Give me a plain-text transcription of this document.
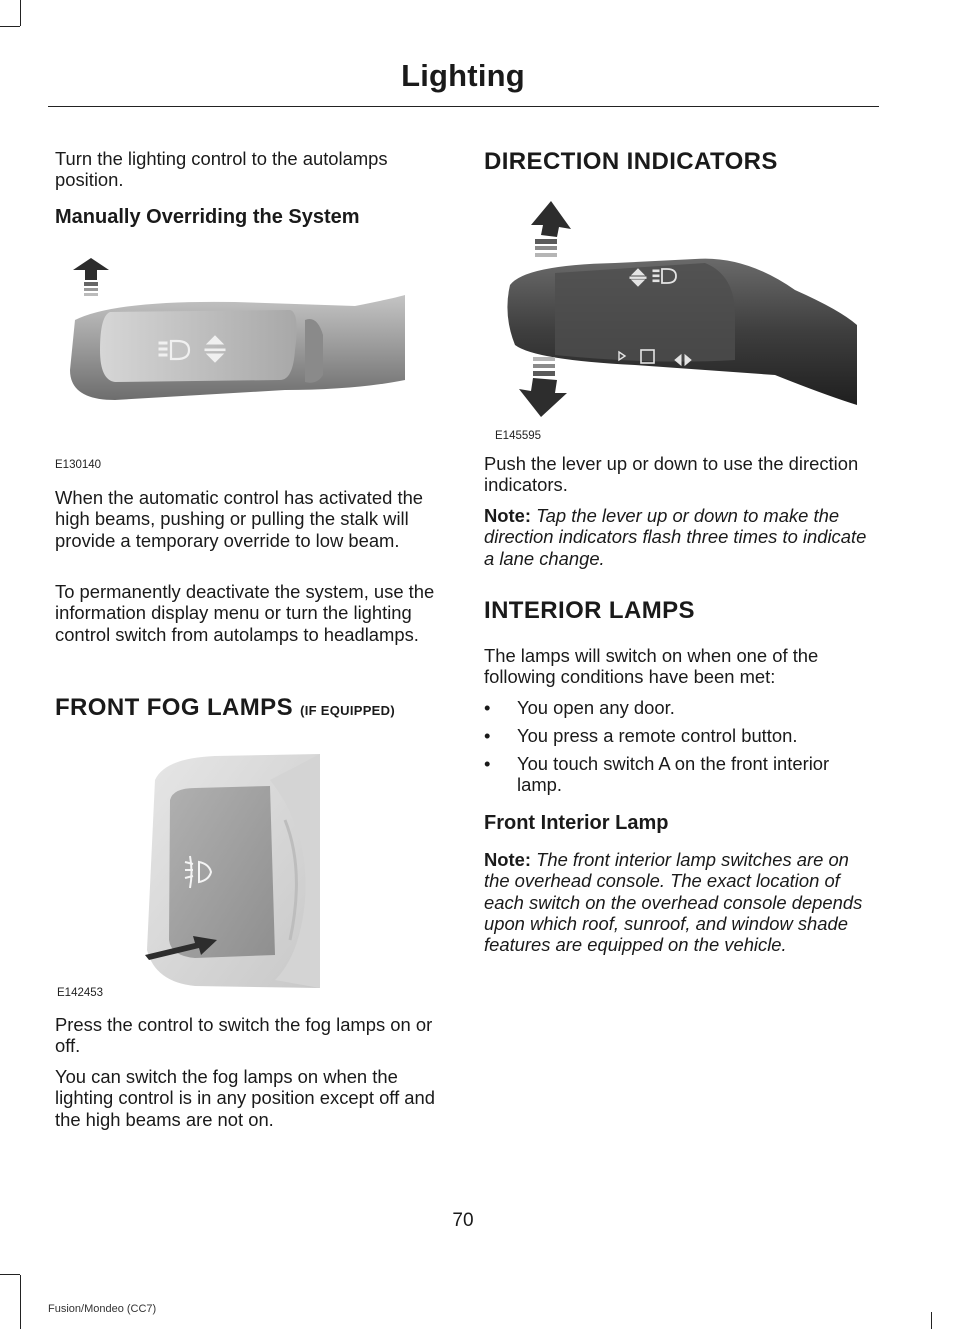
Lighting

Turn the lighting control to the autolamps position.

Manually Overriding the System
E130140

When the automatic control has activated the high beams, pushing or pulling the stalk will provide a temporary override to low beam.

To permanently deactivate the system, use the information display menu or turn the lighting control switch from autolamps to headlamps.

FRONT FOG LAMPS (IF EQUIPPED)
E142453

Press the control to switch the fog lamps on or off.

You can switch the fog lamps on when the lighting control is in any position except off and the high beams are not on.

DIRECTION INDICATORS
E145595

Push the lever up or down to use the direction indicators.

Note: Tap the lever up or down to make the direction indicators flash three times to indicate a lane change.

INTERIOR LAMPS

The lamps will switch on when one of the following conditions have been met:

• You open any door.
• You press a remote control button.
• You touch switch A on the front interior lamp.
Front Interior Lamp

Note: The front interior lamp switches are on the overhead console. The exact location of each switch on the overhead console depends upon which roof, sunroof, and window shade features are equipped on the vehicle.

70
Fusion/Mondeo (CC7)
